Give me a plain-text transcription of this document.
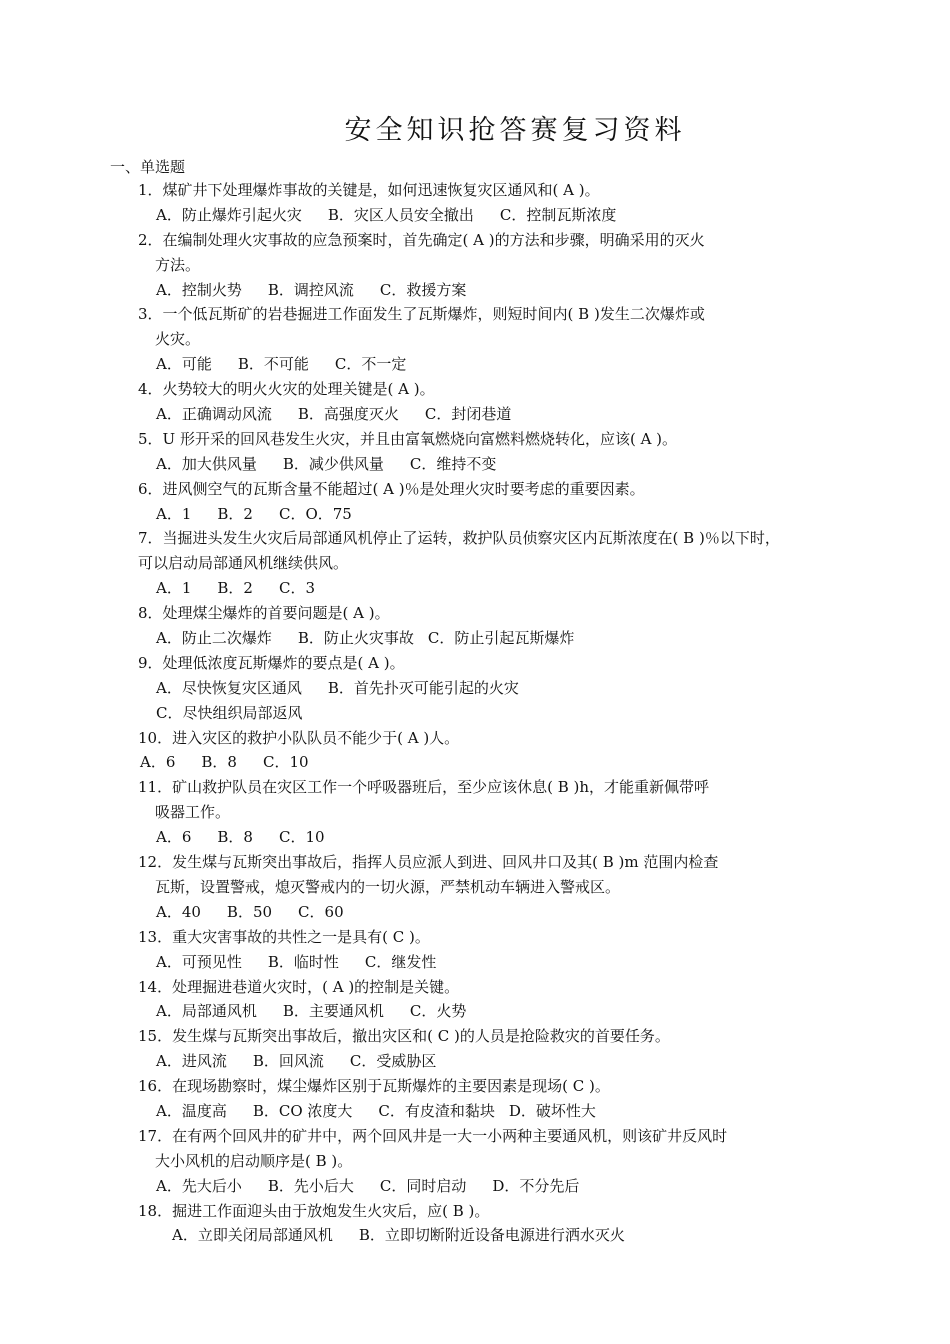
安全知识抢答赛复习资料
一、单选题
1．煤矿井下处理爆炸事故的关键是，如何迅速恢复灾区通风和( A )。
A．防止爆炸引起火灾 B．灾区人员安全撤出 C．控制瓦斯浓度
2．在编制处理火灾事故的应急预案时，首先确定( A )的方法和步骤，明确采用的灭火
方法。
A．控制火势 B．调控风流 C．救援方案
3．一个低瓦斯矿的岩巷掘进工作面发生了瓦斯爆炸，则短时间内( B )发生二次爆炸或
火灾。
A．可能 B．不可能 C．不一定
4．火势较大的明火火灾的处理关键是( A )。
A．正确调动风流 B．高强度灭火 C．封闭巷道
5．U 形开采的回风巷发生火灾，并且由富氧燃烧向富燃料燃烧转化，应该( A )。
A．加大供风量 B．减少供风量 C．维持不变
6．进风侧空气的瓦斯含量不能超过( A )％是处理火灾时要考虑的重要因素。
A．1 B．2 C．O．75
7．当掘进头发生火灾后局部通风机停止了运转，救护队员侦察灾区内瓦斯浓度在( B )％以下时，
可以启动局部通风机继续供风。
A．1 B．2 C．3
8．处理煤尘爆炸的首要问题是( A )。
A．防止二次爆炸 B．防止火灾事故 C．防止引起瓦斯爆炸
9．处理低浓度瓦斯爆炸的要点是( A )。
A．尽快恢复灾区通风 B．首先扑灭可能引起的火灾
C．尽快组织局部返风
10．进入灾区的救护小队队员不能少于( A )人。
A．6 B．8 C．10
11．矿山救护队员在灾区工作一个呼吸器班后，至少应该休息( B )h，才能重新佩带呼
吸器工作。
A．6 B．8 C．10
12．发生煤与瓦斯突出事故后，指挥人员应派人到进、回风井口及其( B )m 范围内检查
瓦斯，设置警戒，熄灭警戒内的一切火源，严禁机动车辆进入警戒区。
A．40 B．50 C．60
13．重大灾害事故的共性之一是具有( C )。
A．可预见性 B．临时性 C．继发性
14．处理掘进巷道火灾时，( A )的控制是关键。
A．局部通风机 B．主要通风机 C．火势
15．发生煤与瓦斯突出事故后，撤出灾区和( C )的人员是抢险救灾的首要任务。
A．进风流 B．回风流 C．受威胁区
16．在现场勘察时，煤尘爆炸区别于瓦斯爆炸的主要因素是现场( C )。
A．温度高 B．CO 浓度大 C．有皮渣和黏块 D．破坏性大
17．在有两个回风井的矿井中，两个回风井是一大一小两种主要通风机，则该矿井反风时
大小风机的启动顺序是( B )。
A．先大后小 B．先小后大 C．同时启动 D．不分先后
18．掘进工作面迎头由于放炮发生火灾后，应( B )。
A．立即关闭局部通风机 B．立即切断附近设备电源进行洒水灭火
